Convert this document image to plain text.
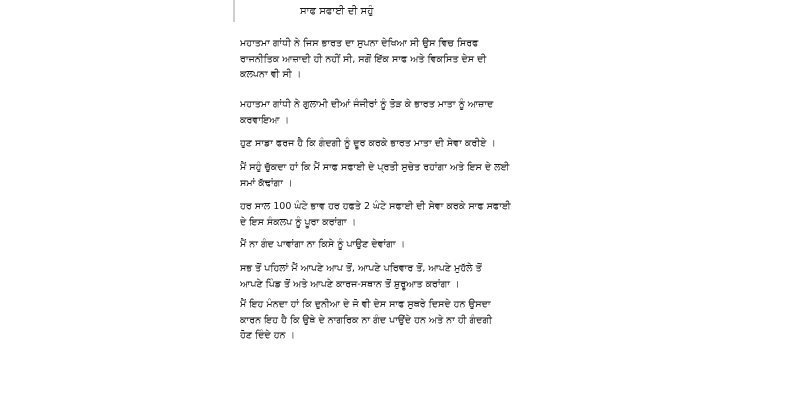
ਸਾਫ ਸਫਾਈ ਦੀ ਸਹੁੰ
ਮਹਾਤਮਾ ਗਾਂਧੀ ਨੇ ਜਿਸ ਭਾਰਤ ਦਾ ਸੁਪਨਾ ਦੇਖਿਆ ਸੀ ਉਸ ਵਿਚ ਸਿਰਫ
ਰਾਜਨੀਤਿਕ ਆਜ਼ਾਦੀ ਹੀ ਨਹੀਂ ਸੀ, ਸਗੋਂ ਇੱਕ ਸਾਫ ਅਤੇ ਵਿਕਸਿਤ ਦੇਸ ਦੀ
ਕਲਪਨਾ ਵੀ ਸੀ ।
ਮਹਾਤਮਾ ਗਾਂਧੀ ਨੇ ਗੁਲਾਮੀ ਦੀਆਂ ਜੰਜੀਰਾਂ ਨੂੰ ਤੋੜ ਕੇ ਭਾਰਤ ਮਾਤਾ ਨੂੰ ਆਜ਼ਾਦ
ਕਰਵਾਇਆ ।
ਹੁਣ ਸਾਡਾ ਫਰਜ ਹੈ ਕਿ ਗੰਦਗੀ ਨੂੰ ਦੂਰ ਕਰਕੇ ਭਾਰਤ ਮਾਤਾ ਦੀ ਸੇਵਾ ਕਰੀਏ ।
ਮੈਂ ਸਹੁੰ ਚੁੱਕਦਾ ਹਾਂ ਕਿ ਮੈਂ ਸਾਫ ਸਫਾਈ ਦੇ ਪ੍ਰਤੀ ਸੁਚੇਤ ਰਹਾਂਗਾ ਅਤੇ ਇਸ ਦੇ ਲਈ
ਸਮਾਂ ਕੱਢਾਂਗਾ ।
ਹਰ ਸਾਲ 100 ਘੰਟੇ ਭਾਵ ਹਰ ਹਫਤੇ 2 ਘੰਟੇ ਸਫਾਈ ਦੀ ਸੇਵਾ ਕਰਕੇ ਸਾਫ ਸਫਾਈ
ਦੇ ਇਸ ਸੰਕਲਪ ਨੂੰ ਪੂਰਾ ਕਰਾਂਗਾ ।
ਮੈਂ ਨਾ ਗੰਦ ਪਾਵਾਂਗਾ ਨਾ ਕਿਸੇ ਨੂੰ ਪਾਉਣ ਦੇਵਾਂਗਾ ।
ਸਭ ਤੋਂ ਪਹਿਲਾਂ ਮੈਂ ਆਪਣੇ ਆਪ ਤੋਂ, ਆਪਣੇ ਪਰਿਵਾਰ ਤੋਂ, ਆਪਣੇ ਮੁਹੱਲੇ ਤੋਂ
ਆਪਣੇ ਪਿੰਡ ਤੋਂ ਅਤੇ ਆਪਣੇ ਕਾਰਜ-ਸਥਾਨ ਤੋਂ ਸ਼ੁਰੂਆਤ ਕਰਾਂਗਾ ।
ਮੈਂ ਇਹ ਮੰਨਦਾ ਹਾਂ ਕਿ ਦੁਨੀਆ ਦੇ ਜੋ ਵੀ ਦੇਸ ਸਾਫ ਸੁਥਰੇ ਦਿਸਦੇ ਹਨ ਉਸਦਾ
ਕਾਰਨ ਇਹ ਹੈ ਕਿ ਉਥੇ ਦੇ ਨਾਗਰਿਕ ਨਾ ਗੰਦ ਪਾਉਂਦੇ ਹਨ ਅਤੇ ਨਾ ਹੀ ਗੰਦਗੀ
ਹੋਣ ਦਿੰਦੇ ਹਨ ।
